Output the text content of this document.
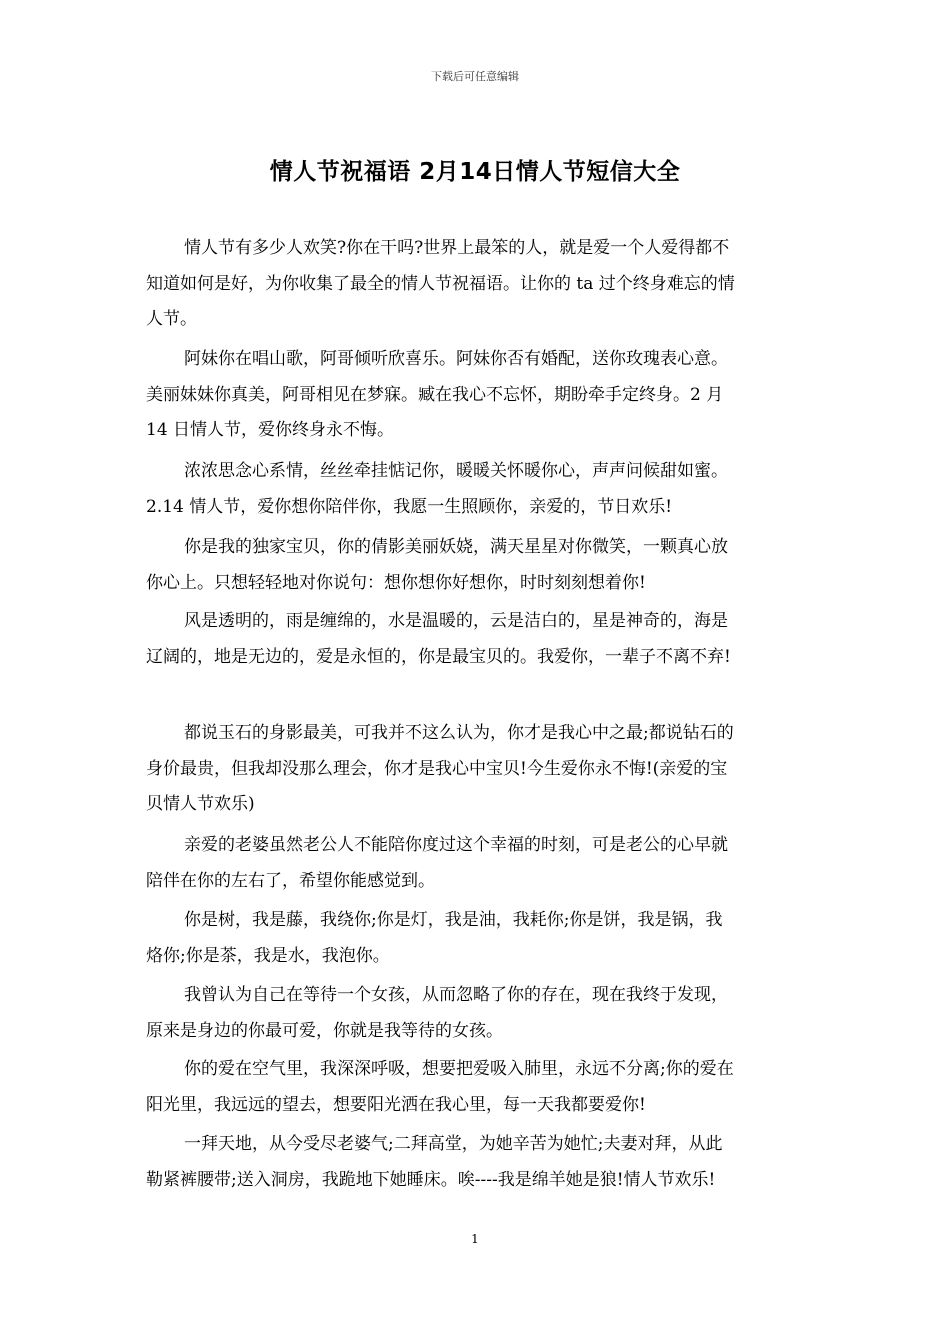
下载后可任意编辑
情人节祝福语 2月14日情人节短信大全
情人节有多少人欢笑?你在干吗?世界上最笨的人，就是爱一个人爱得都不
知道如何是好，为你收集了最全的情人节祝福语。让你的 ta 过个终身难忘的情
人节。
阿妹你在唱山歌，阿哥倾听欣喜乐。阿妹你否有婚配，送你玫瑰表心意。
美丽妹妹你真美，阿哥相见在梦寐。臧在我心不忘怀，期盼牵手定终身。2 月
14 日情人节，爱你终身永不悔。
浓浓思念心系情，丝丝牵挂惦记你，暖暖关怀暖你心，声声问候甜如蜜。
2.14 情人节，爱你想你陪伴你，我愿一生照顾你，亲爱的，节日欢乐!
你是我的独家宝贝，你的倩影美丽妖娆，满天星星对你微笑，一颗真心放
你心上。只想轻轻地对你说句：想你想你好想你，时时刻刻想着你!
风是透明的，雨是缠绵的，水是温暖的，云是洁白的，星是神奇的，海是
辽阔的，地是无边的，爱是永恒的，你是最宝贝的。我爱你，一辈子不离不弃!
都说玉石的身影最美，可我并不这么认为，你才是我心中之最;都说钻石的
身价最贵，但我却没那么理会，你才是我心中宝贝!今生爱你永不悔!(亲爱的宝
贝情人节欢乐)
亲爱的老婆虽然老公人不能陪你度过这个幸福的时刻，可是老公的心早就
陪伴在你的左右了，希望你能感觉到。
你是树，我是藤，我绕你;你是灯，我是油，我耗你;你是饼，我是锅，我
烙你;你是茶，我是水，我泡你。
我曾认为自己在等待一个女孩，从而忽略了你的存在，现在我终于发现，
原来是身边的你最可爱，你就是我等待的女孩。
你的爱在空气里，我深深呼吸，想要把爱吸入肺里，永远不分离;你的爱在
阳光里，我远远的望去，想要阳光洒在我心里，每一天我都要爱你!
一拜天地，从今受尽老婆气;二拜高堂，为她辛苦为她忙;夫妻对拜，从此
勒紧裤腰带;送入洞房，我跪地下她睡床。唉----我是绵羊她是狼!情人节欢乐!
1
